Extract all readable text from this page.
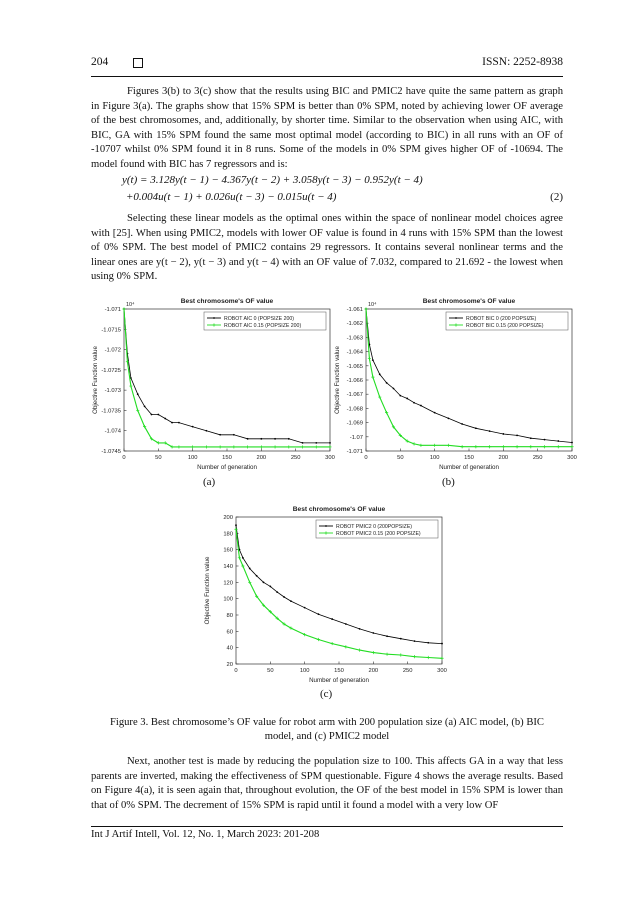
204	ISSN: 2252-8938

Figures 3(b) to 3(c) show that the results using BIC and PMIC2 have quite the same pattern as graph in Figure 3(a). The graphs show that 15% SPM is better than 0% SPM, noted by achieving lower OF average of the best chromosomes, and, additionally, by shorter time. Similar to the observation when using AIC, with BIC, GA with 15% SPM found the same most optimal model (according to BIC) in all runs with an OF of -10707 whilst 0% SPM found it in 8 runs. Some of the models in 0% SPM gives higher OF of -10694. The model found with BIC has 7 regressors and is:

y(t) = 3.128y(t − 1) − 4.367y(t − 2) + 3.058y(t − 3) − 0.952y(t − 4)
+0.004u(t − 1) + 0.026u(t − 3) − 0.015u(t − 4)	(2)

Selecting these linear models as the optimal ones within the space of nonlinear model choices agree with [25]. When using PMIC2, models with lower OF value is found in 4 runs with 15% SPM than the lowest of 0% SPM. The best model of PMIC2 contains 29 regressors. It contains several nonlinear terms and the linear ones are y(t − 2), y(t − 3) and y(t − 4) with an OF value of 7.032, compared to 21.692 - the lowest when using 0% SPM.

Best chromosome's OF value
10⁴
0	50	100	150	200	250	300
-1.071
-1.0715
-1.072
-1.0725
-1.073
-1.0735
-1.074
-1.0745
Number of generation
Objective Function value
ROBOT AIC 0 (POPSIZE 200)
ROBOT AIC 0.15 (POPSIZE 200)
(a)
Best chromosome's OF value
10⁴
0	50	100	150	200	250	300
-1.061
-1.062
-1.063
-1.064
-1.065
-1.066
-1.067
-1.068
-1.069
-1.07
-1.071
Number of generation
Objective Function value
ROBOT BIC 0 (200 POPSIZE)
ROBOT BIC 0.15 (200 POPSIZE)
(b)
Best chromosome's OF value
0	50	100	150	200	250	300
200
180
160
140
120
100
80
60
40
20
Number of generation
Objective Function value
ROBOT PMIC2 0 (200POPSIZE)
ROBOT PMIC2 0.15 (200 POPSIZE)
(c)
Figure 3. Best chromosome’s OF value for robot arm with 200 population size (a) AIC model, (b) BIC model, and (c) PMIC2 model

Next, another test is made by reducing the population size to 100. This affects GA in a way that less parents are inverted, making the effectiveness of SPM questionable. Figure 4 shows the average results. Based on Figure 4(a), it is seen again that, throughout evolution, the OF of the best model in 15% SPM is lower than that of 0% SPM. The decrement of 15% SPM is rapid until it found a model with a very low OF

Int J Artif Intell, Vol. 12, No. 1, March 2023: 201-208
